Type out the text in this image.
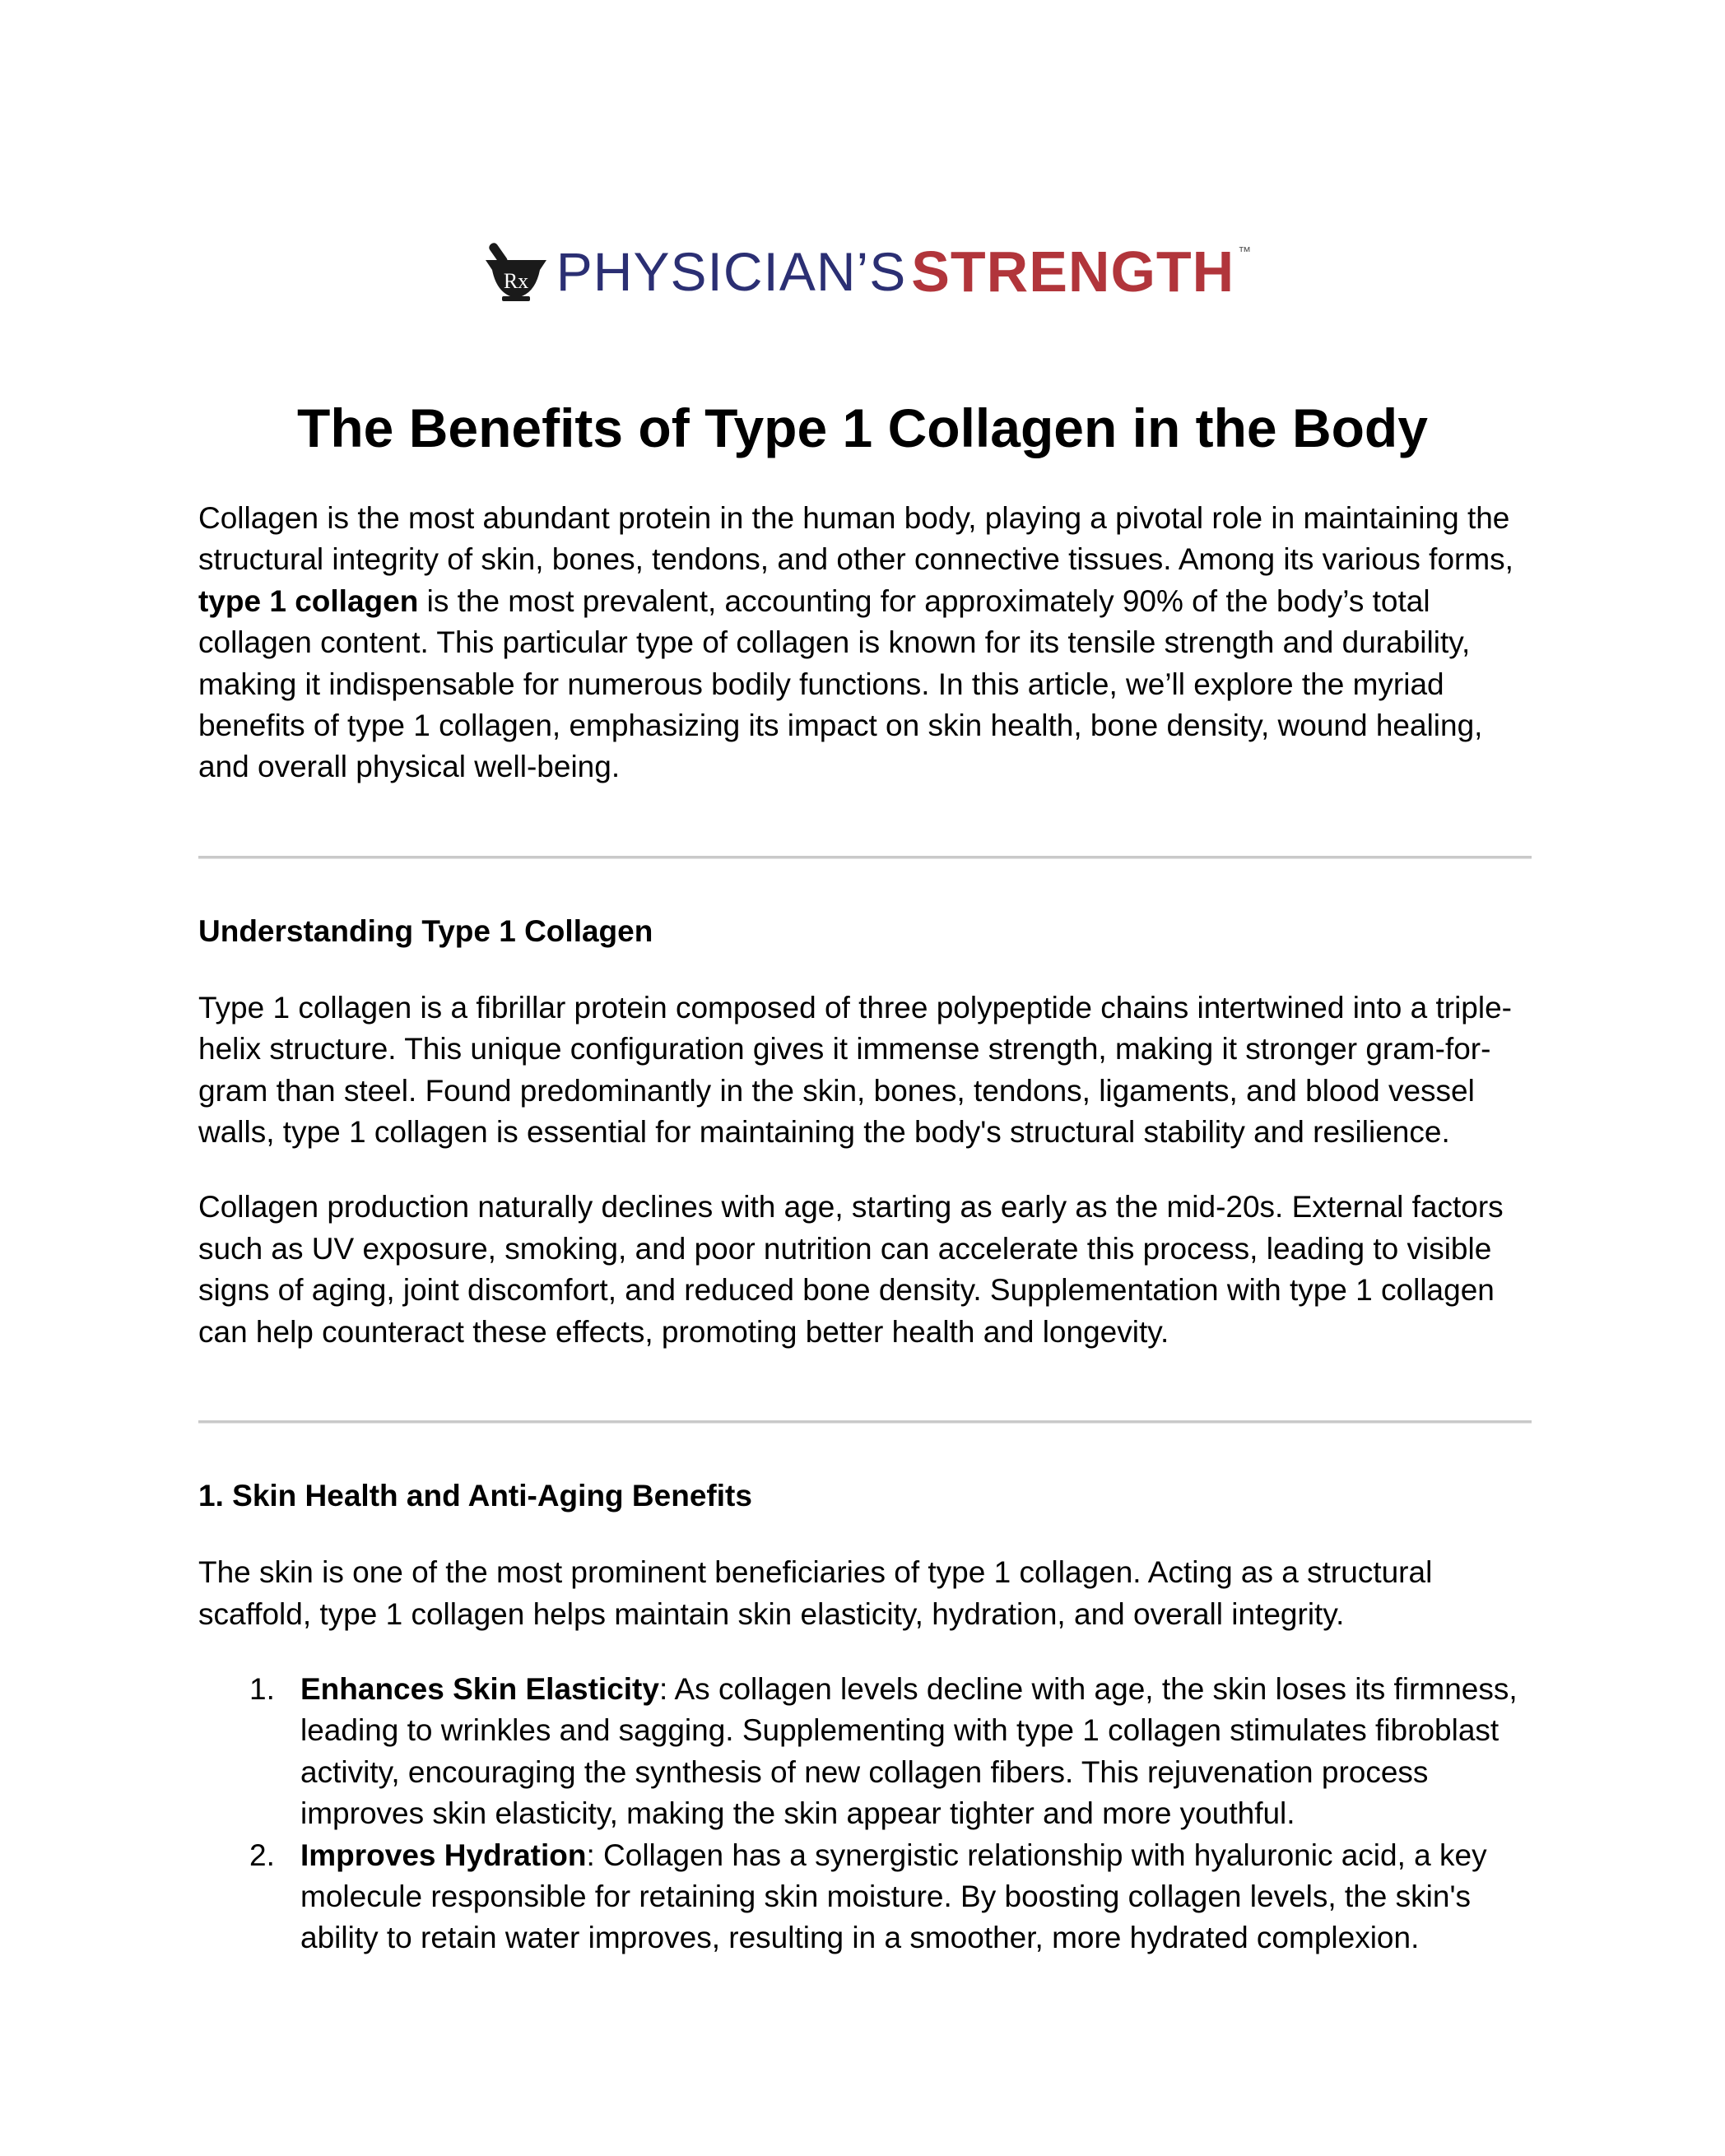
Rx PHYSICIAN’S STRENGTH ™
The Benefits of Type 1 Collagen in the Body

Collagen is the most abundant protein in the human body, playing a pivotal role in maintaining the structural integrity of skin, bones, tendons, and other connective tissues. Among its various forms, type 1 collagen is the most prevalent, accounting for approximately 90% of the body’s total collagen content. This particular type of collagen is known for its tensile strength and durability, making it indispensable for numerous bodily functions. In this article, we’ll explore the myriad benefits of type 1 collagen, emphasizing its impact on skin health, bone density, wound healing, and overall physical well-being.

Understanding Type 1 Collagen

Type 1 collagen is a fibrillar protein composed of three polypeptide chains intertwined into a triple-helix structure. This unique configuration gives it immense strength, making it stronger gram-for-gram than steel. Found predominantly in the skin, bones, tendons, ligaments, and blood vessel walls, type 1 collagen is essential for maintaining the body's structural stability and resilience.

Collagen production naturally declines with age, starting as early as the mid-20s. External factors such as UV exposure, smoking, and poor nutrition can accelerate this process, leading to visible signs of aging, joint discomfort, and reduced bone density. Supplementation with type 1 collagen can help counteract these effects, promoting better health and longevity.

1. Skin Health and Anti-Aging Benefits

The skin is one of the most prominent beneficiaries of type 1 collagen. Acting as a structural scaffold, type 1 collagen helps maintain skin elasticity, hydration, and overall integrity.

1. Enhances Skin Elasticity: As collagen levels decline with age, the skin loses its firmness, leading to wrinkles and sagging. Supplementing with type 1 collagen stimulates fibroblast activity, encouraging the synthesis of new collagen fibers. This rejuvenation process improves skin elasticity, making the skin appear tighter and more youthful.
2. Improves Hydration: Collagen has a synergistic relationship with hyaluronic acid, a key molecule responsible for retaining skin moisture. By boosting collagen levels, the skin's ability to retain water improves, resulting in a smoother, more hydrated complexion.
